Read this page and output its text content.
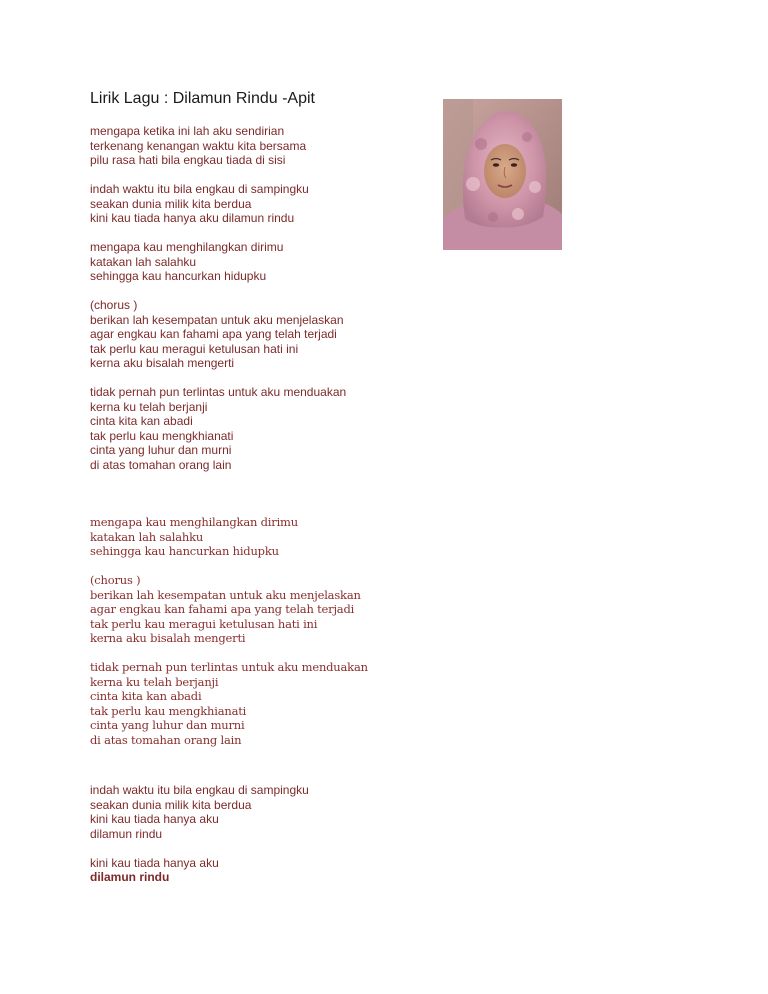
Lirik Lagu : Dilamun Rindu -Apit
mengapa ketika ini lah aku sendirian
terkenang kenangan waktu kita bersama
pilu rasa hati bila engkau tiada di sisi
indah waktu itu bila engkau di sampingku
seakan dunia milik kita berdua
kini kau tiada hanya aku dilamun rindu
mengapa kau menghilangkan dirimu
katakan lah salahku
sehingga kau hancurkan hidupku
(chorus )
berikan lah kesempatan untuk aku menjelaskan
agar engkau kan fahami apa yang telah terjadi
tak perlu kau meragui ketulusan hati ini
kerna aku bisalah mengerti
tidak pernah pun terlintas untuk aku menduakan
kerna ku telah berjanji
cinta kita kan abadi
tak perlu kau mengkhianati
cinta yang luhur dan murni
di atas tomahan orang lain
mengapa kau menghilangkan dirimu
katakan lah salahku
sehingga kau hancurkan hidupku
(chorus )
berikan lah kesempatan untuk aku menjelaskan
agar engkau kan fahami apa yang telah terjadi
tak perlu kau meragui ketulusan hati ini
kerna aku bisalah mengerti
tidak pernah pun terlintas untuk aku menduakan
kerna ku telah berjanji
cinta kita kan abadi
tak perlu kau mengkhianati
cinta yang luhur dan murni
di atas tomahan orang lain
indah waktu itu bila engkau di sampingku
seakan dunia milik kita berdua
kini kau tiada hanya aku
dilamun rindu
kini kau tiada hanya aku
dilamun rindu
